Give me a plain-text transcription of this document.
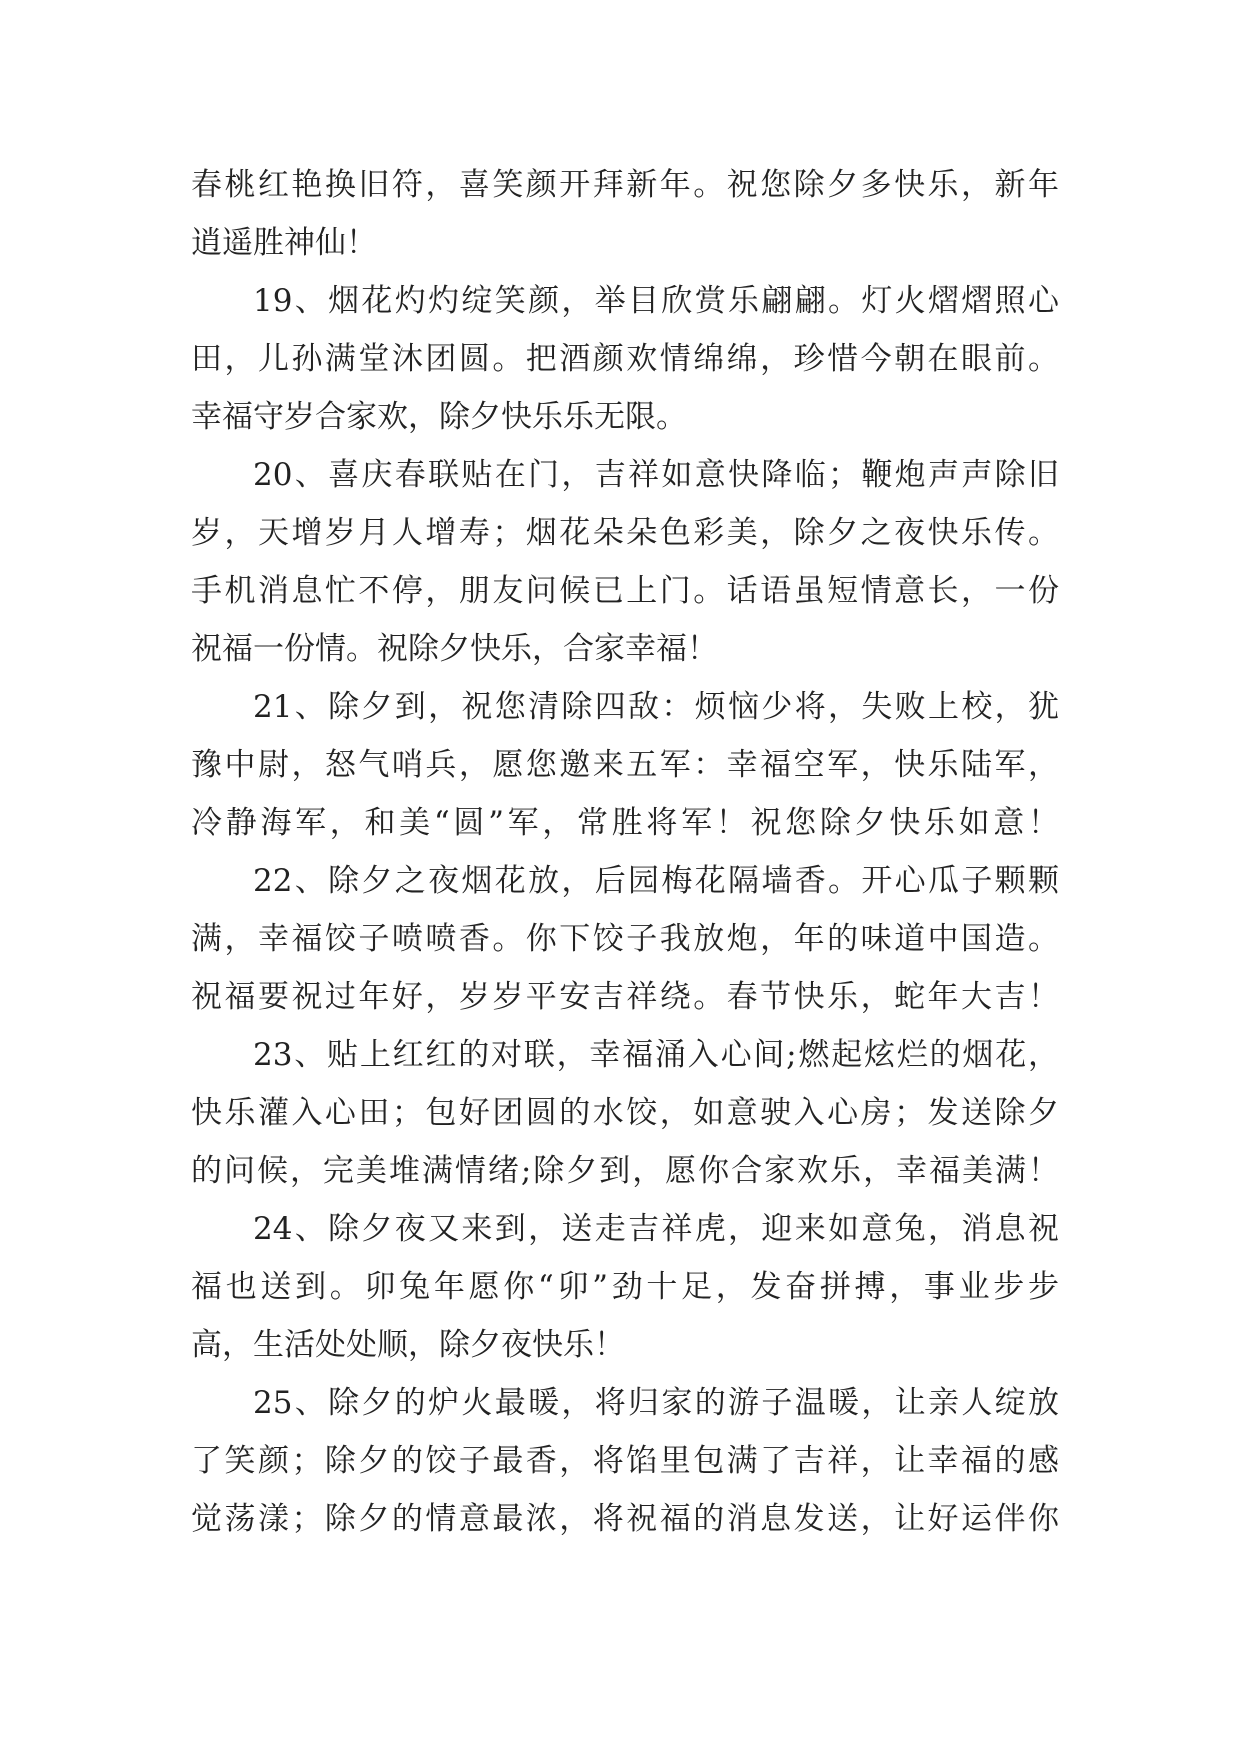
春桃红艳换旧符，喜笑颜开拜新年。祝您除夕多快乐，新年
逍遥胜神仙！
19、烟花灼灼绽笑颜，举目欣赏乐翩翩。灯火熠熠照心
田，儿孙满堂沐团圆。把酒颜欢情绵绵，珍惜今朝在眼前。
幸福守岁合家欢，除夕快乐乐无限。
20、喜庆春联贴在门，吉祥如意快降临；鞭炮声声除旧
岁，天增岁月人增寿；烟花朵朵色彩美，除夕之夜快乐传。
手机消息忙不停，朋友问候已上门。话语虽短情意长，一份
祝福一份情。祝除夕快乐，合家幸福！
21、除夕到，祝您清除四敌：烦恼少将，失败上校，犹
豫中尉，怒气哨兵，愿您邀来五军：幸福空军，快乐陆军，
冷静海军，和美“圆”军，常胜将军！祝您除夕快乐如意！
22、除夕之夜烟花放，后园梅花隔墙香。开心瓜子颗颗
满，幸福饺子喷喷香。你下饺子我放炮，年的味道中国造。
祝福要祝过年好，岁岁平安吉祥绕。春节快乐，蛇年大吉！
23、贴上红红的对联，幸福涌入心间;燃起炫烂的烟花，
快乐灌入心田；包好团圆的水饺，如意驶入心房；发送除夕
的问候，完美堆满情绪;除夕到，愿你合家欢乐，幸福美满！
24、除夕夜又来到，送走吉祥虎，迎来如意兔，消息祝
福也送到。卯兔年愿你“卯”劲十足，发奋拼搏，事业步步
高，生活处处顺，除夕夜快乐！
25、除夕的炉火最暖，将归家的游子温暖，让亲人绽放
了笑颜；除夕的饺子最香，将馅里包满了吉祥，让幸福的感
觉荡漾；除夕的情意最浓，将祝福的消息发送，让好运伴你
